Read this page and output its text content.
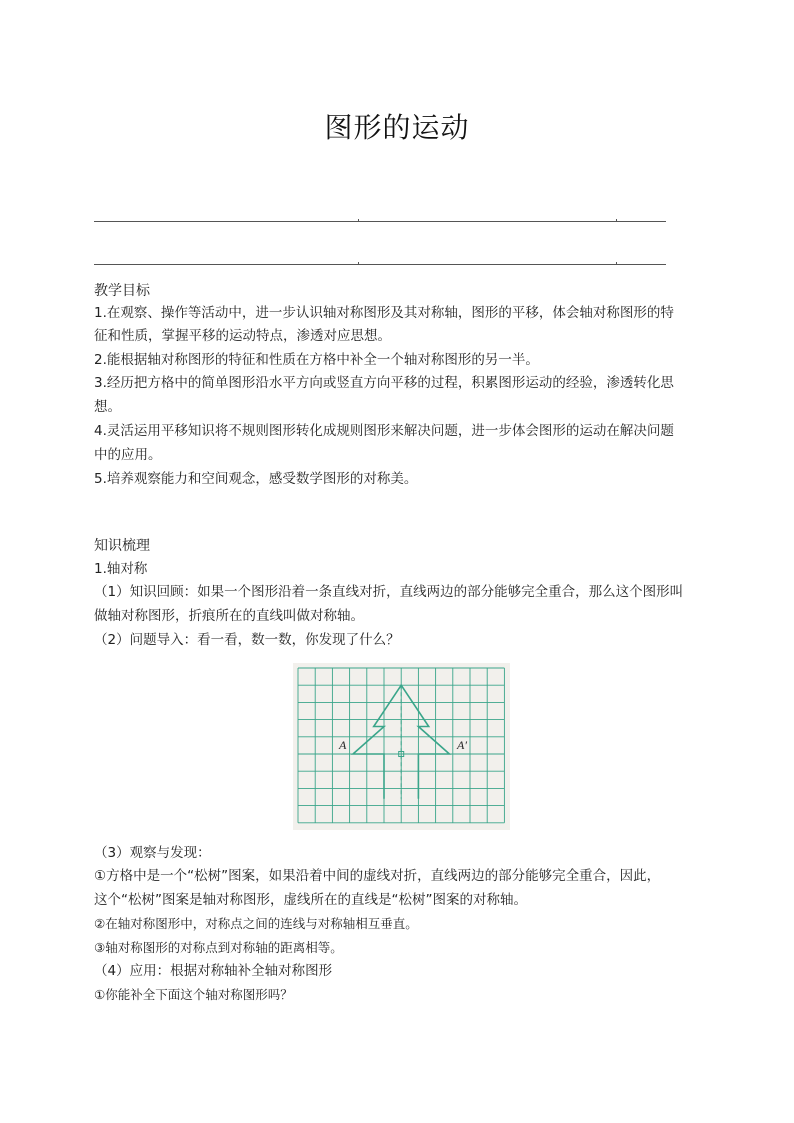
图形的运动
教学目标
1.在观察、操作等活动中，进一步认识轴对称图形及其对称轴，图形的平移，体会轴对称图形的特
征和性质，掌握平移的运动特点，渗透对应思想。
2.能根据轴对称图形的特征和性质在方格中补全一个轴对称图形的另一半。
3.经历把方格中的简单图形沿水平方向或竖直方向平移的过程，积累图形运动的经验，渗透转化思
想。
4.灵活运用平移知识将不规则图形转化成规则图形来解决问题，进一步体会图形的运动在解决问题
中的应用。
5.培养观察能力和空间观念，感受数学图形的对称美。
知识梳理
1.轴对称
（1）知识回顾：如果一个图形沿着一条直线对折，直线两边的部分能够完全重合，那么这个图形叫
做轴对称图形，折痕所在的直线叫做对称轴。
（2）问题导入：看一看，数一数，你发现了什么？
A	A′
（3）观察与发现：
①方格中是一个“松树”图案，如果沿着中间的虚线对折，直线两边的部分能够完全重合，因此，
这个“松树”图案是轴对称图形，虚线所在的直线是“松树”图案的对称轴。
②在轴对称图形中，对称点之间的连线与对称轴相互垂直。
③轴对称图形的对称点到对称轴的距离相等。
（4）应用：根据对称轴补全轴对称图形
①你能补全下面这个轴对称图形吗？
